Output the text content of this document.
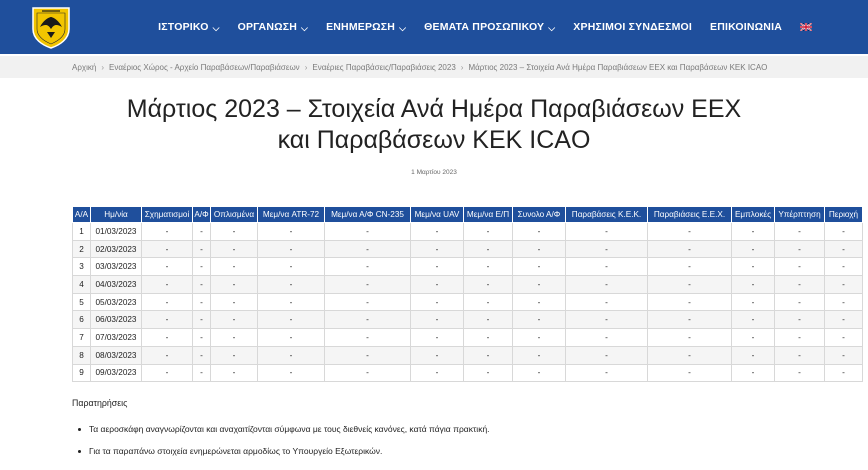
ΙΣΤΟΡΙΚΟ ⌵ ΟΡΓΑΝΩΣΗ ⌵ ΕΝΗΜΕΡΩΣΗ ⌵ ΘΕΜΑΤΑ ΠΡΟΣΩΠΙΚΟΥ ⌵ ΧΡΗΣΙΜΟΙ ΣΥΝΔΕΣΜΟΙ ΕΠΙΚΟΙΝΩΝΙΑ
Αρχική › Εναέριος Χώρος - Αρχείο Παραβάσεων/Παραβιάσεων › Εναέριες Παραβάσεις/Παραβιάσεις 2023 › Μάρτιος 2023 – Στοιχεία Ανά Ημέρα Παραβιάσεων ΕΕΧ και Παραβάσεων ΚΕΚ ICAO
Μάρτιος 2023 – Στοιχεία Ανά Ημέρα Παραβιάσεων ΕΕΧ
και Παραβάσεων ΚΕΚ ICAO
1 Μαρτίου 2023
Α/Α	Ημ/νία	Σχηματισμοί	Α/Φ	Οπλισμένα	Μεμ/να ATR-72	Μεμ/να Α/Φ CN-235	Μεμ/να UAV	Μεμ/να Ε/Π	Συνολο Α/Φ	Παραβάσεις Κ.Ε.Κ.	Παραβιάσεις Ε.Ε.Χ.	Εμπλοκές	Υπέρπτηση	Περιοχή
1	01/03/2023	-	-	-	-	-	-	-	-	-	-	-	-	-
2	02/03/2023	-	-	-	-	-	-	-	-	-	-	-	-	-
3	03/03/2023	-	-	-	-	-	-	-	-	-	-	-	-	-
4	04/03/2023	-	-	-	-	-	-	-	-	-	-	-	-	-
5	05/03/2023	-	-	-	-	-	-	-	-	-	-	-	-	-
6	06/03/2023	-	-	-	-	-	-	-	-	-	-	-	-	-
7	07/03/2023	-	-	-	-	-	-	-	-	-	-	-	-	-
8	08/03/2023	-	-	-	-	-	-	-	-	-	-	-	-	-
9	09/03/2023	-	-	-	-	-	-	-	-	-	-	-	-	-
Παρατηρήσεις
Τα αεροσκάφη αναγνωρίζονται και αναχαιτίζονται σύμφωνα με τους διεθνείς κανόνες, κατά πάγια πρακτική.
Για τα παραπάνω στοιχεία ενημερώνεται αρμοδίως το Υπουργείο Εξωτερικών.
